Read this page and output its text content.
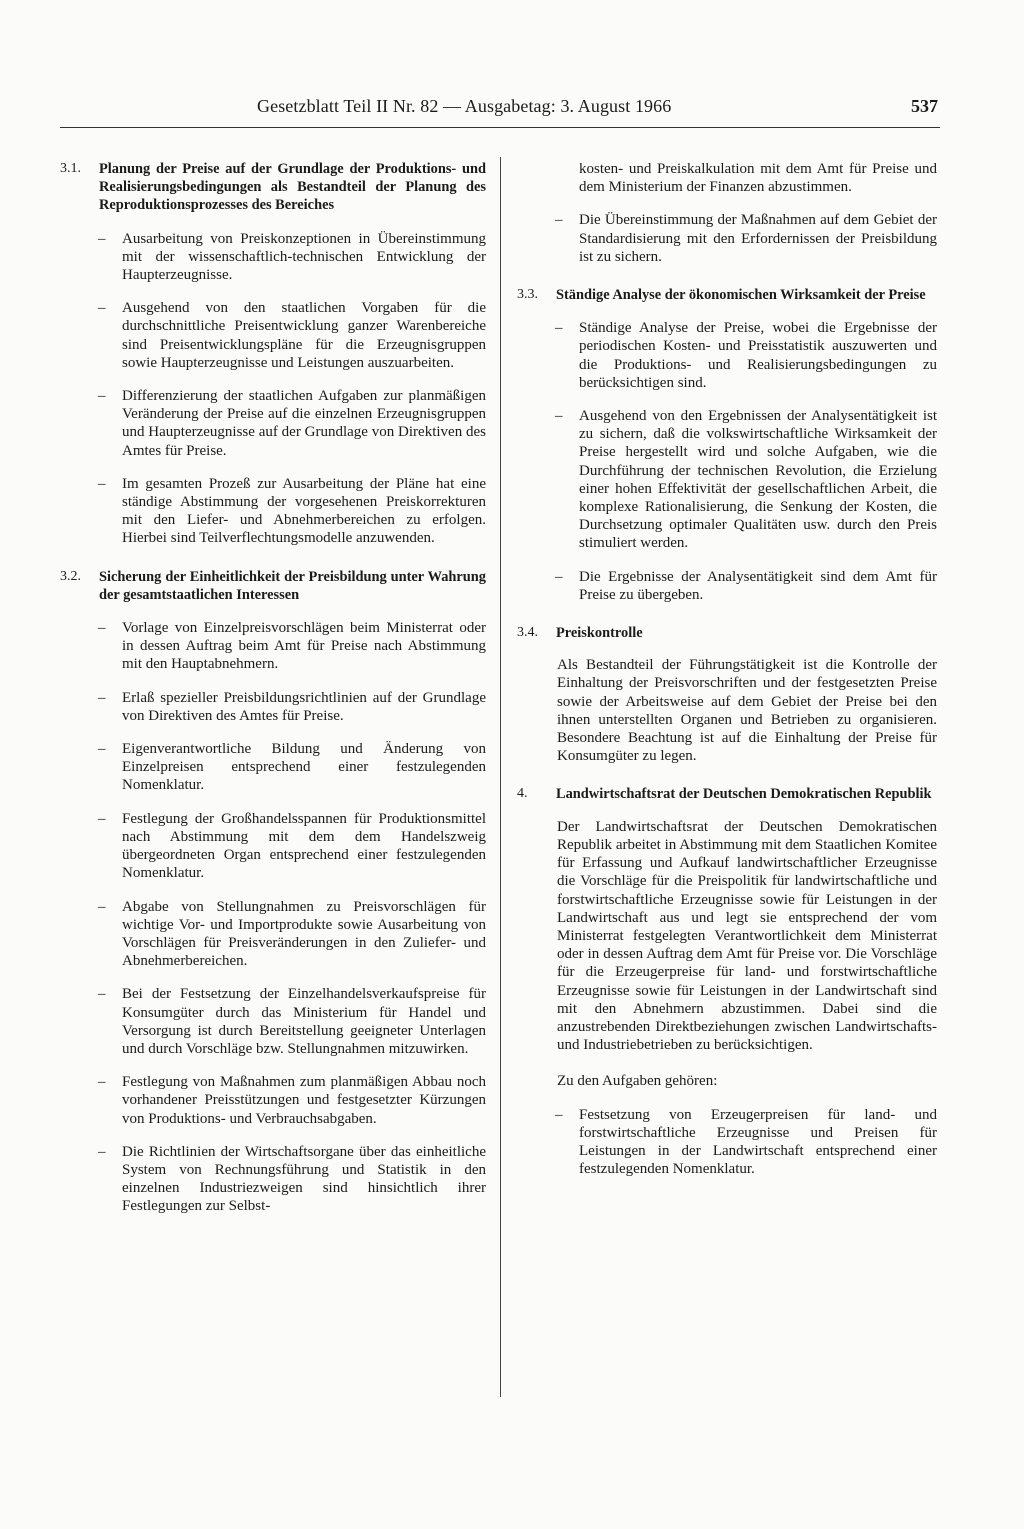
Gesetzblatt Teil II Nr. 82 — Ausgabetag: 3. August 1966	537
3.1. Planung der Preise auf der Grundlage der Produktions- und Realisierungsbedingungen als Bestandteil der Planung des Reproduktionsprozesses des Bereiches
– Ausarbeitung von Preiskonzeptionen in Übereinstimmung mit der wissenschaftlich-technischen Entwicklung der Haupterzeugnisse.
– Ausgehend von den staatlichen Vorgaben für die durchschnittliche Preisentwicklung ganzer Warenbereiche sind Preisentwicklungspläne für die Erzeugnisgruppen sowie Haupterzeugnisse und Leistungen auszuarbeiten.
– Differenzierung der staatlichen Aufgaben zur planmäßigen Veränderung der Preise auf die einzelnen Erzeugnisgruppen und Haupterzeugnisse auf der Grundlage von Direktiven des Amtes für Preise.
– Im gesamten Prozeß zur Ausarbeitung der Pläne hat eine ständige Abstimmung der vorgesehenen Preiskorrekturen mit den Liefer- und Abnehmerbereichen zu erfolgen. Hierbei sind Teilverflechtungsmodelle anzuwenden.
3.2. Sicherung der Einheitlichkeit der Preisbildung unter Wahrung der gesamtstaatlichen Interessen
– Vorlage von Einzelpreisvorschlägen beim Ministerrat oder in dessen Auftrag beim Amt für Preise nach Abstimmung mit den Hauptabnehmern.
– Erlaß spezieller Preisbildungsrichtlinien auf der Grundlage von Direktiven des Amtes für Preise.
– Eigenverantwortliche Bildung und Änderung von Einzelpreisen entsprechend einer festzulegenden Nomenklatur.
– Festlegung der Großhandelsspannen für Produktionsmittel nach Abstimmung mit dem dem Handelszweig übergeordneten Organ entsprechend einer festzulegenden Nomenklatur.
– Abgabe von Stellungnahmen zu Preisvorschlägen für wichtige Vor- und Importprodukte sowie Ausarbeitung von Vorschlägen für Preisveränderungen in den Zuliefer- und Abnehmerbereichen.
– Bei der Festsetzung der Einzelhandelsverkaufspreise für Konsumgüter durch das Ministerium für Handel und Versorgung ist durch Bereitstellung geeigneter Unterlagen und durch Vorschläge bzw. Stellungnahmen mitzuwirken.
– Festlegung von Maßnahmen zum planmäßigen Abbau noch vorhandener Preisstützungen und festgesetzter Kürzungen von Produktions- und Verbrauchsabgaben.
– Die Richtlinien der Wirtschaftsorgane über das einheitliche System von Rechnungsführung und Statistik in den einzelnen Industriezweigen sind hinsichtlich ihrer Festlegungen zur Selbst-
kosten- und Preiskalkulation mit dem Amt für Preise und dem Ministerium der Finanzen abzustimmen.
– Die Übereinstimmung der Maßnahmen auf dem Gebiet der Standardisierung mit den Erfordernissen der Preisbildung ist zu sichern.
3.3. Ständige Analyse der ökonomischen Wirksamkeit der Preise
– Ständige Analyse der Preise, wobei die Ergebnisse der periodischen Kosten- und Preisstatistik auszuwerten und die Produktions- und Realisierungsbedingungen zu berücksichtigen sind.
– Ausgehend von den Ergebnissen der Analysentätigkeit ist zu sichern, daß die volkswirtschaftliche Wirksamkeit der Preise hergestellt wird und solche Aufgaben, wie die Durchführung der technischen Revolution, die Erzielung einer hohen Effektivität der gesellschaftlichen Arbeit, die komplexe Rationalisierung, die Senkung der Kosten, die Durchsetzung optimaler Qualitäten usw. durch den Preis stimuliert werden.
– Die Ergebnisse der Analysentätigkeit sind dem Amt für Preise zu übergeben.
3.4. Preiskontrolle
Als Bestandteil der Führungstätigkeit ist die Kontrolle der Einhaltung der Preisvorschriften und der festgesetzten Preise sowie der Arbeitsweise auf dem Gebiet der Preise bei den ihnen unterstellten Organen und Betrieben zu organisieren. Besondere Beachtung ist auf die Einhaltung der Preise für Konsumgüter zu legen.
4. Landwirtschaftsrat der Deutschen Demokratischen Republik
Der Landwirtschaftsrat der Deutschen Demokratischen Republik arbeitet in Abstimmung mit dem Staatlichen Komitee für Erfassung und Aufkauf landwirtschaftlicher Erzeugnisse die Vorschläge für die Preispolitik für landwirtschaftliche und forstwirtschaftliche Erzeugnisse sowie für Leistungen in der Landwirtschaft aus und legt sie entsprechend der vom Ministerrat festgelegten Verantwortlichkeit dem Ministerrat oder in dessen Auftrag dem Amt für Preise vor. Die Vorschläge für die Erzeugerpreise für land- und forstwirtschaftliche Erzeugnisse sowie für Leistungen in der Landwirtschaft sind mit den Abnehmern abzustimmen. Dabei sind die anzustrebenden Direktbeziehungen zwischen Landwirtschafts- und Industriebetrieben zu berücksichtigen.
Zu den Aufgaben gehören:
– Festsetzung von Erzeugerpreisen für land- und forstwirtschaftliche Erzeugnisse und Preisen für Leistungen in der Landwirtschaft entsprechend einer festzulegenden Nomenklatur.
